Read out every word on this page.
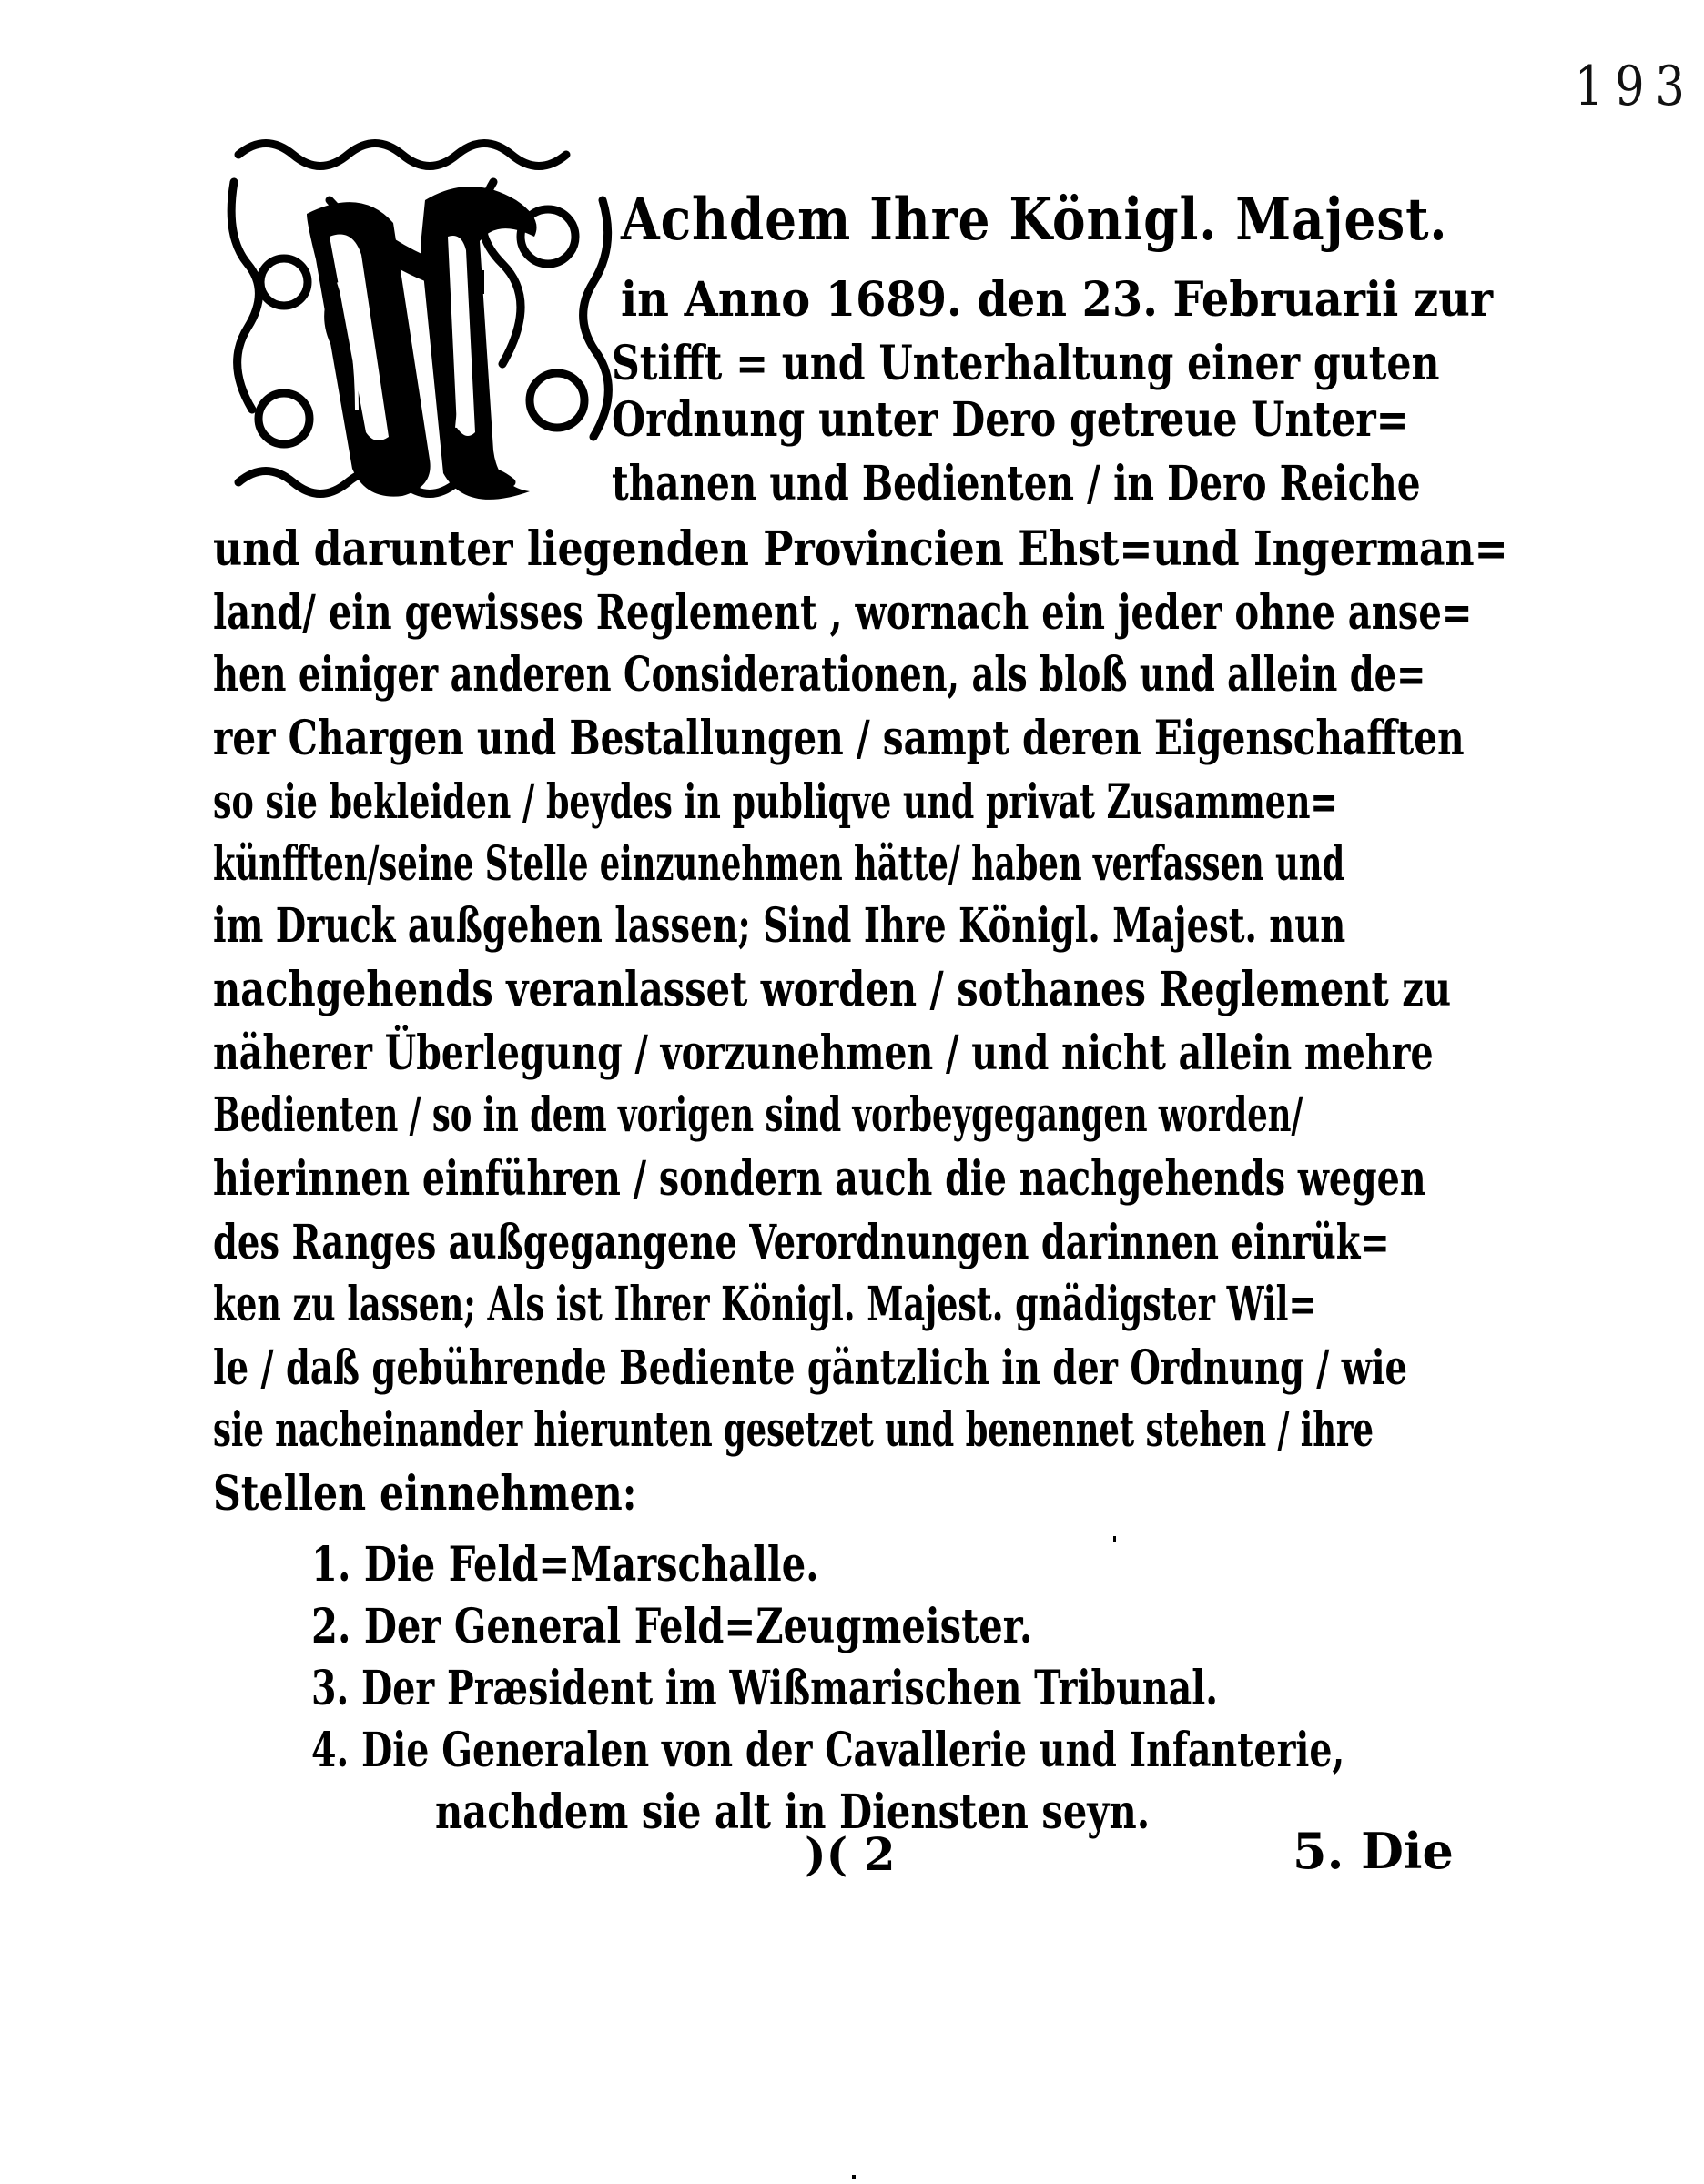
193
Achdem Ihre Königl. Majest.
in Anno 1689. den 23. Februarii zur
Stifft = und Unterhaltung einer guten
Ordnung unter Dero getreue Unter=
thanen und Bedienten / in Dero Reiche
und darunter liegenden Provincien Ehst=und Ingerman=
land/ ein gewisses Reglement , wornach ein jeder ohne anse=
hen einiger anderen Considerationen, als bloß und allein de=
rer Chargen und Bestallungen / sampt deren Eigenschafften
so sie bekleiden / beydes in publiqve und privat Zusammen=
künfften/seine Stelle einzunehmen hätte/ haben verfassen und
im Druck außgehen lassen; Sind Ihre Königl. Majest. nun
nachgehends veranlasset worden / sothanes Reglement zu
näherer Überlegung / vorzunehmen / und nicht allein mehre
Bedienten / so in dem vorigen sind vorbeygegangen worden/
hierinnen einführen / sondern auch die nachgehends wegen
des Ranges außgegangene Verordnungen darinnen einrük=
ken zu lassen; Als ist Ihrer Königl. Majest. gnädigster Wil=
le / daß gebührende Bediente gäntzlich in der Ordnung / wie
sie nacheinander hierunten gesetzet und benennet stehen / ihre
Stellen einnehmen:
1. Die Feld=Marschalle.
2. Der General Feld=Zeugmeister.
3. Der Præsident im Wißmarischen Tribunal.
4. Die Generalen von der Cavallerie und Infanterie,
nachdem sie alt in Diensten seyn.
)( 2	5. Die
